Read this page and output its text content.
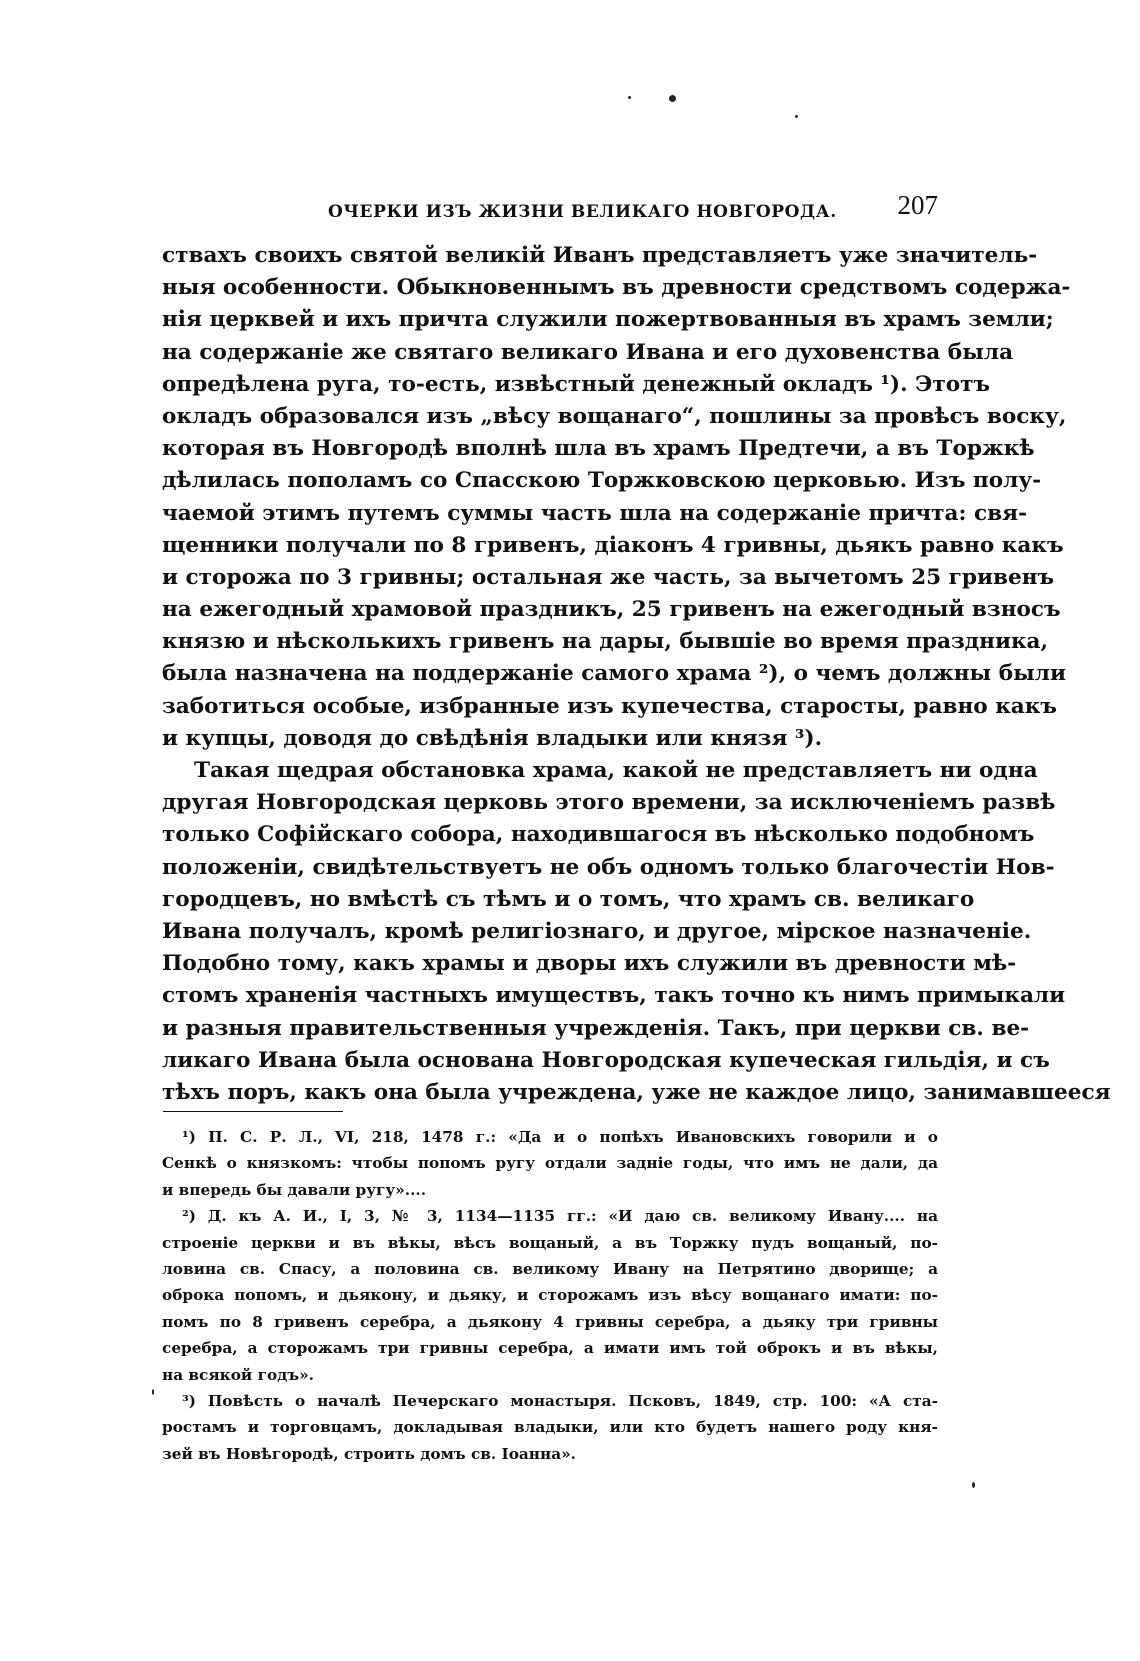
ОЧЕРКИ ИЗЪ ЖИЗНИ ВЕЛИКАГО НОВГОРОДА. 207
ствахъ своихъ святой великій Иванъ представляетъ уже значитель-
ныя особенности. Обыкновеннымъ въ древности средствомъ содержа-
нія церквей и ихъ причта служили пожертвованныя въ храмъ земли;
на содержаніе же святаго великаго Ивана и его духовенства была
опредѣлена руга, то-есть, извѣстный денежный окладъ ¹). Этотъ
окладъ образовался изъ „вѣсу вощанаго“, пошлины за провѣсъ воску,
которая въ Новгородѣ вполнѣ шла въ храмъ Предтечи, а въ Торжкѣ
дѣлилась пополамъ со Спасскою Торжковскою церковью. Изъ полу-
чаемой этимъ путемъ суммы часть шла на содержаніе причта: свя-
щенники получали по 8 гривенъ, діаконъ 4 гривны, дьякъ равно какъ
и сторожа по 3 гривны; остальная же часть, за вычетомъ 25 гривенъ
на ежегодный храмовой праздникъ, 25 гривенъ на ежегодный взносъ
князю и нѣсколькихъ гривенъ на дары, бывшіе во время праздника,
была назначена на поддержаніе самого храма ²), о чемъ должны были
заботиться особые, избранные изъ купечества, старосты, равно какъ
и купцы, доводя до свѣдѣнія владыки или князя ³).
Такая щедрая обстановка храма, какой не представляетъ ни одна
другая Новгородская церковь этого времени, за исключеніемъ развѣ
только Софійскаго собора, находившагося въ нѣсколько подобномъ
положеніи, свидѣтельствуетъ не объ одномъ только благочестіи Нов-
городцевъ, но вмѣстѣ съ тѣмъ и о томъ, что храмъ св. великаго
Ивана получалъ, кромѣ религіознаго, и другое, мірское назначеніе.
Подобно тому, какъ храмы и дворы ихъ служили въ древности мѣ-
стомъ храненія частныхъ имуществъ, такъ точно къ нимъ примыкали
и разныя правительственныя учрежденія. Такъ, при церкви св. ве-
ликаго Ивана была основана Новгородская купеческая гильдія, и съ
тѣхъ поръ, какъ она была учреждена, уже не каждое лицо, занимавшееся
¹) П. С. Р. Л., VI, 218, 1478 г.: «Да и о попѣхъ Ивановскихъ говорили и о
Сенкѣ о князкомъ: чтобы попомъ ругу отдали задніе годы, что имъ не дали, да
и впередь бы давали ругу»....
²) Д. къ А. И., I, 3, № 3, 1134—1135 гг.: «И даю св. великому Ивану.... на
строеніе церкви и въ вѣкы, вѣсъ вощаный, а въ Торжку пудъ вощаный, по-
ловина св. Спасу, а половина св. великому Ивану на Петрятино дворище; а
оброка попомъ, и дьякону, и дьяку, и сторожамъ изъ вѣсу вощанаго имати: по-
помъ по 8 гривенъ серебра, а дьякону 4 гривны серебра, а дьяку три гривны
серебра, а сторожамъ три гривны серебра, а имати имъ той оброкъ и въ вѣкы,
на всякой годъ».
³) Повѣсть о началѣ Печерскаго монастыря. Псковъ, 1849, стр. 100: «А ста-
ростамъ и торговцамъ, докладывая владыки, или кто будетъ нашего роду кня-
зей въ Новѣгородѣ, строить домъ св. Іоанна».
